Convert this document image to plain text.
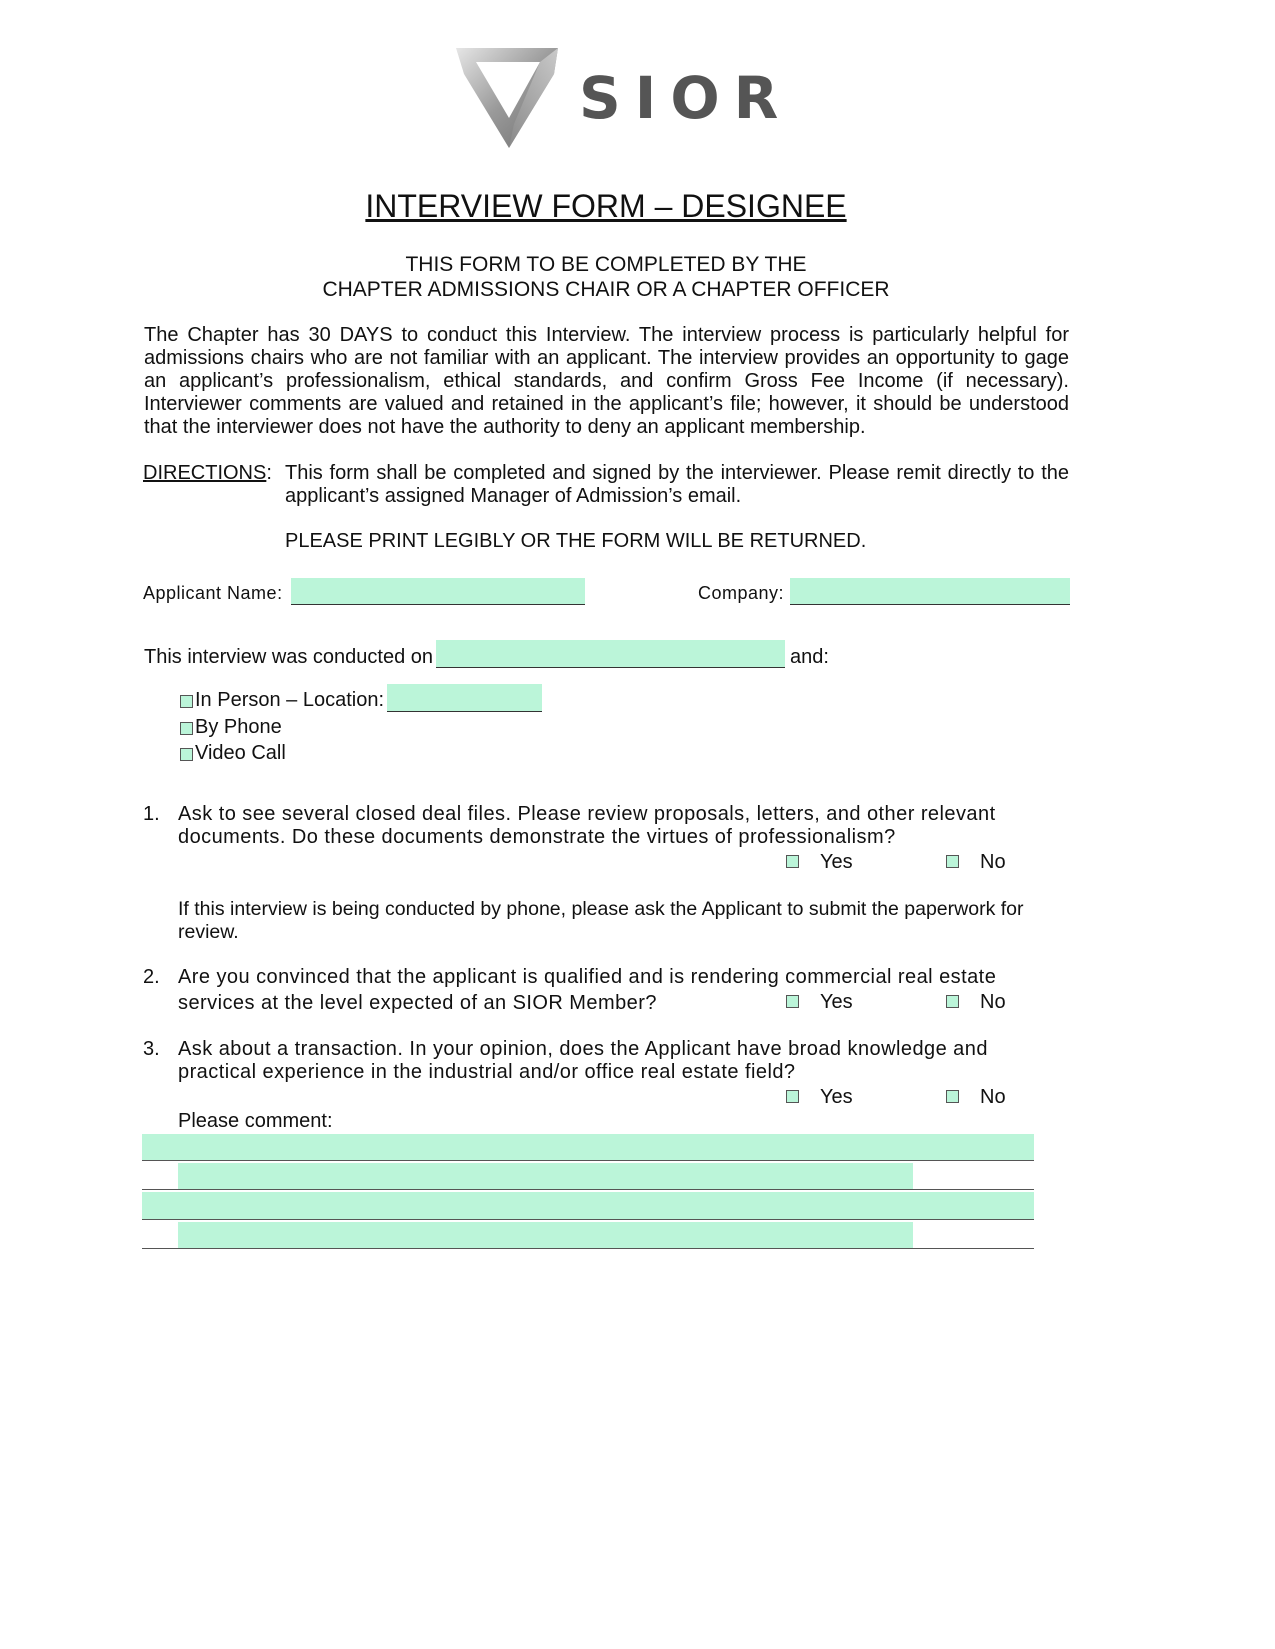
SIOR
INTERVIEW FORM – DESIGNEE
THIS FORM TO BE COMPLETED BY THE
CHAPTER ADMISSIONS CHAIR OR A CHAPTER OFFICER
The Chapter has 30 DAYS to conduct this Interview. The interview process is particularly helpful for admissions chairs who are not familiar with an applicant. The interview provides an opportunity to gage an applicant’s professionalism, ethical standards, and confirm Gross Fee Income (if necessary). Interviewer comments are valued and retained in the applicant’s file; however, it should be understood that the interviewer does not have the authority to deny an applicant membership.
DIRECTIONS: This form shall be completed and signed by the interviewer. Please remit directly to the applicant’s assigned Manager of Admission’s email.
PLEASE PRINT LEGIBLY OR THE FORM WILL BE RETURNED.
Applicant Name:	Company:
This interview was conducted on	and:
In Person – Location:
By Phone
Video Call
1. Ask to see several closed deal files. Please review proposals, letters, and other relevant
documents. Do these documents demonstrate the virtues of professionalism?
Yes	No
If this interview is being conducted by phone, please ask the Applicant to submit the paperwork for
review.
2. Are you convinced that the applicant is qualified and is rendering commercial real estate
services at the level expected of an SIOR Member?	Yes	No
3. Ask about a transaction. In your opinion, does the Applicant have broad knowledge and
practical experience in the industrial and/or office real estate field?
Yes	No
Please comment:
